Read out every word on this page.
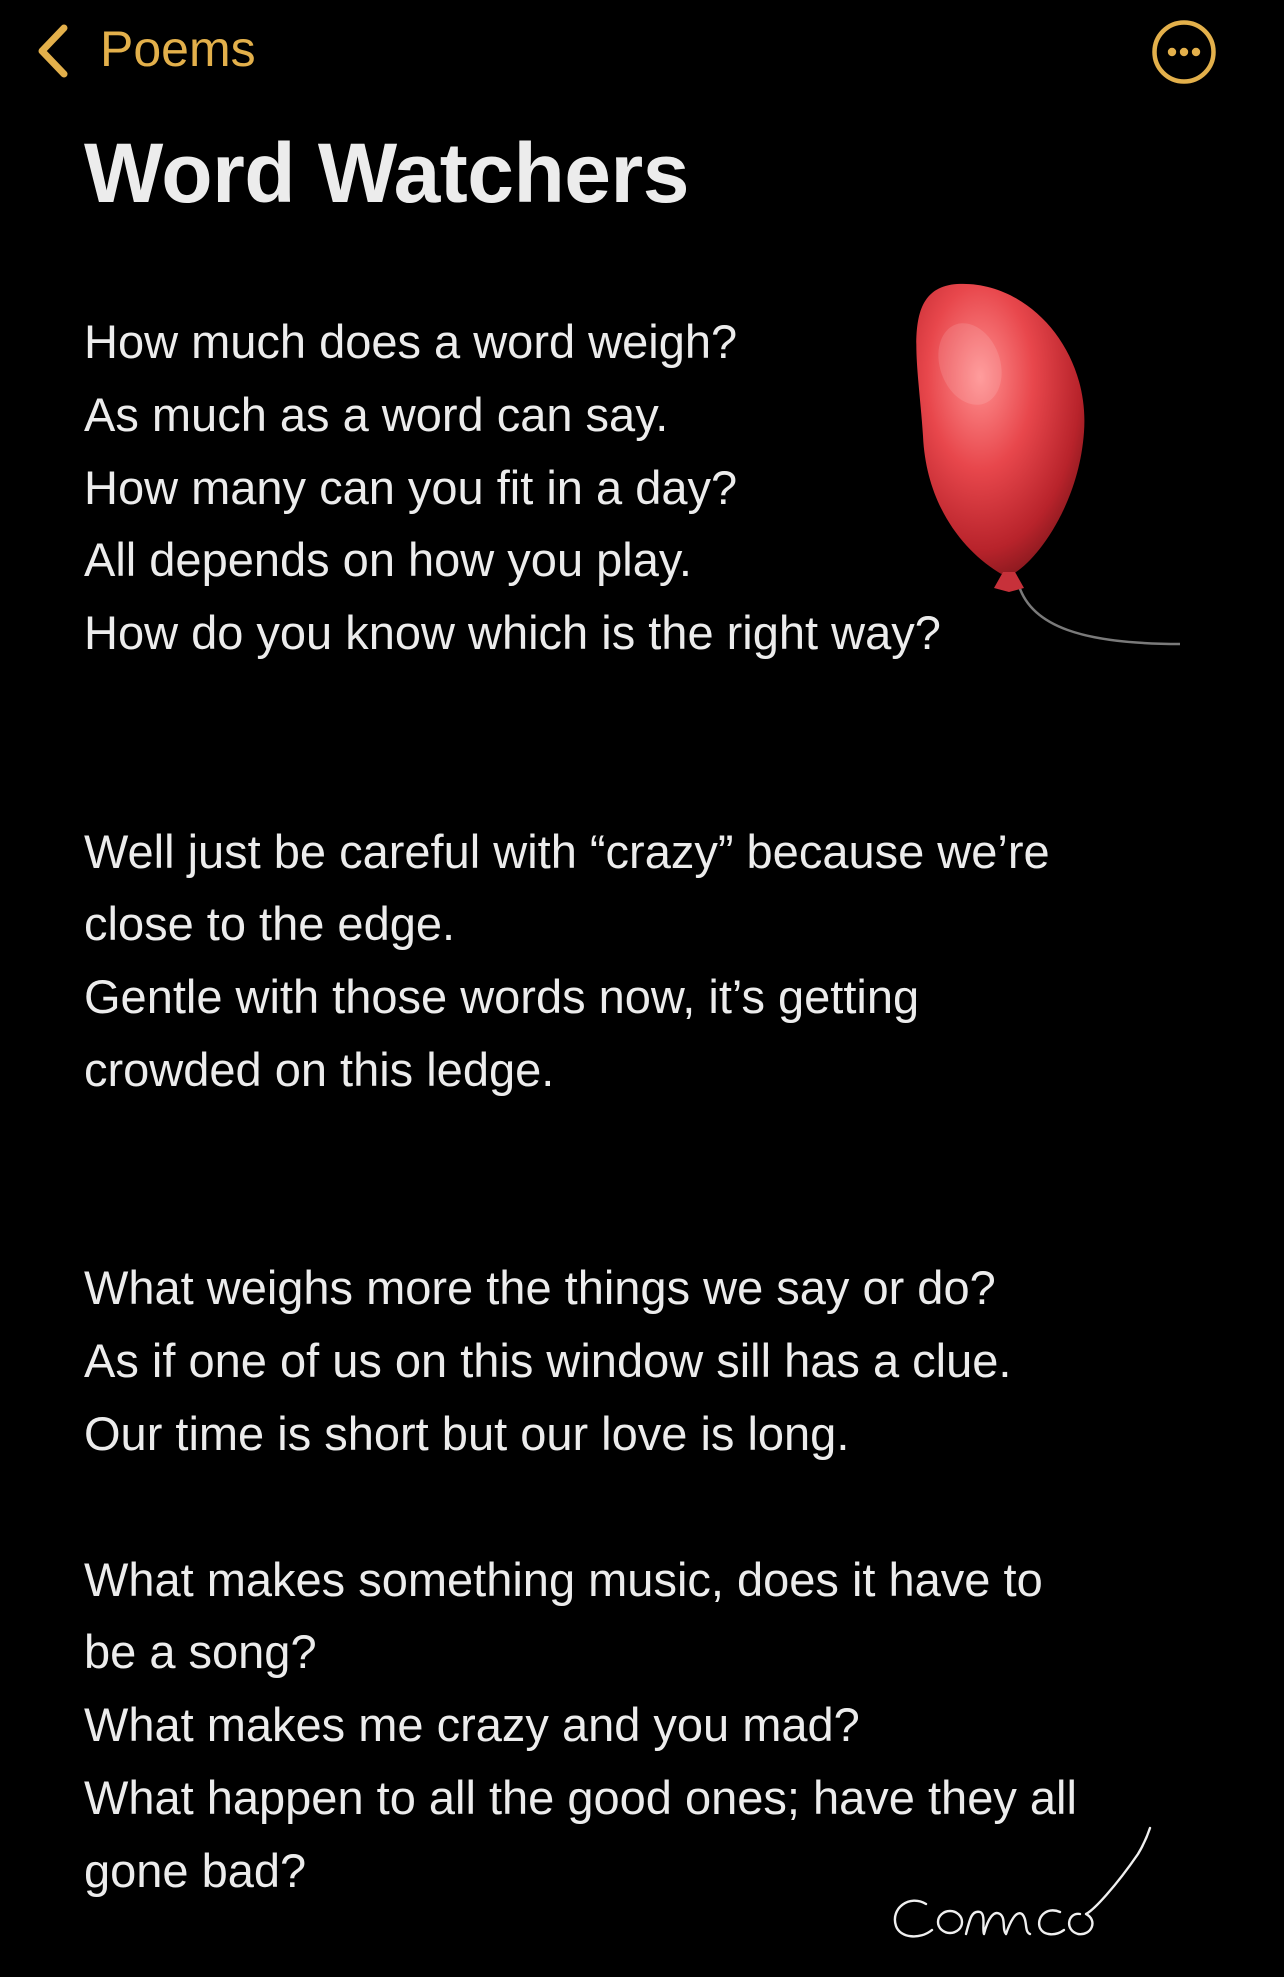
Poems
Word Watchers
How much does a word weigh?
As much as a word can say.
How many can you fit in a day?
All depends on how you play.
How do you know which is the right way?
Well just be careful with “crazy” because we’re
close to the edge.
Gentle with those words now, it’s getting
crowded on this ledge.
What weighs more the things we say or do?
As if one of us on this window sill has a clue.
Our time is short but our love is long.
What makes something music, does it have to
be a song?
What makes me crazy and you mad?
What happen to all the good ones; have they all
gone bad?
